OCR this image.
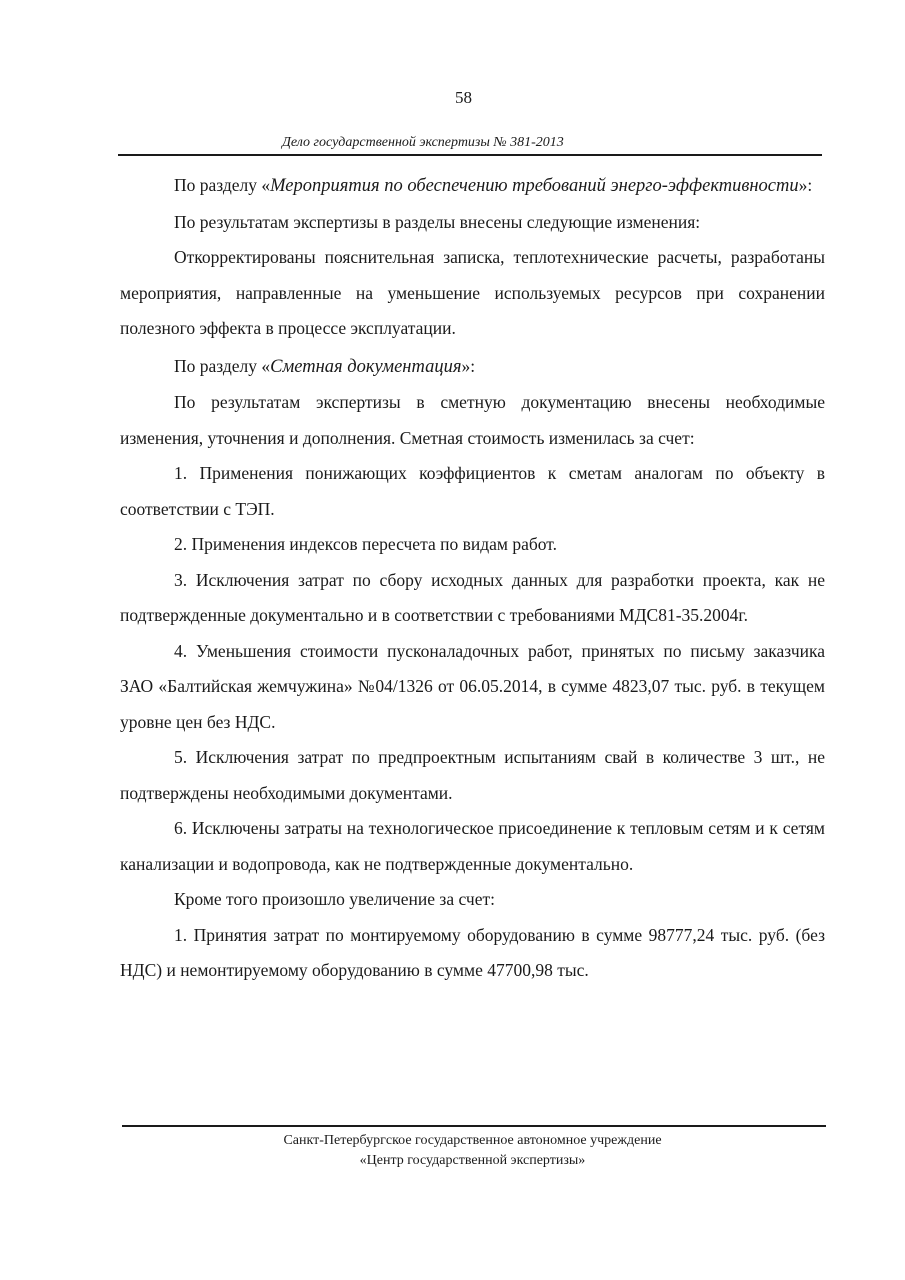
58
Дело государственной экспертизы № 381-2013

По разделу «Мероприятия по обеспечению требований энерго-эффективности»:

По результатам экспертизы в разделы внесены следующие изменения:

Откорректированы пояснительная записка, теплотехнические расчеты, разработаны мероприятия, направленные на уменьшение используемых ресурсов при сохранении полезного эффекта в процессе эксплуатации.

По разделу «Сметная документация»:

По результатам экспертизы в сметную документацию внесены необходимые изменения, уточнения и дополнения. Сметная стоимость изменилась за счет:

1. Применения понижающих коэффициентов к сметам аналогам по объекту в соответствии с ТЭП.

2. Применения индексов пересчета по видам работ.

3. Исключения затрат по сбору исходных данных для разработки проекта, как не подтвержденные документально и в соответствии с требованиями МДС81-35.2004г.

4. Уменьшения стоимости пусконаладочных работ, принятых по письму заказчика ЗАО «Балтийская жемчужина» №04/1326 от 06.05.2014, в сумме 4823,07 тыс. руб. в текущем уровне цен без НДС.

5. Исключения затрат по предпроектным испытаниям свай в количестве 3 шт., не подтверждены необходимыми документами.

6. Исключены затраты на технологическое присоединение к тепловым сетям и к сетям канализации и водопровода, как не подтвержденные документально.

Кроме того произошло увеличение за счет:

1. Принятия затрат по монтируемому оборудованию в сумме 98777,24 тыс. руб. (без НДС) и немонтируемому оборудованию в сумме 47700,98 тыс.

Санкт-Петербургское государственное автономное учреждение
«Центр государственной экспертизы»
